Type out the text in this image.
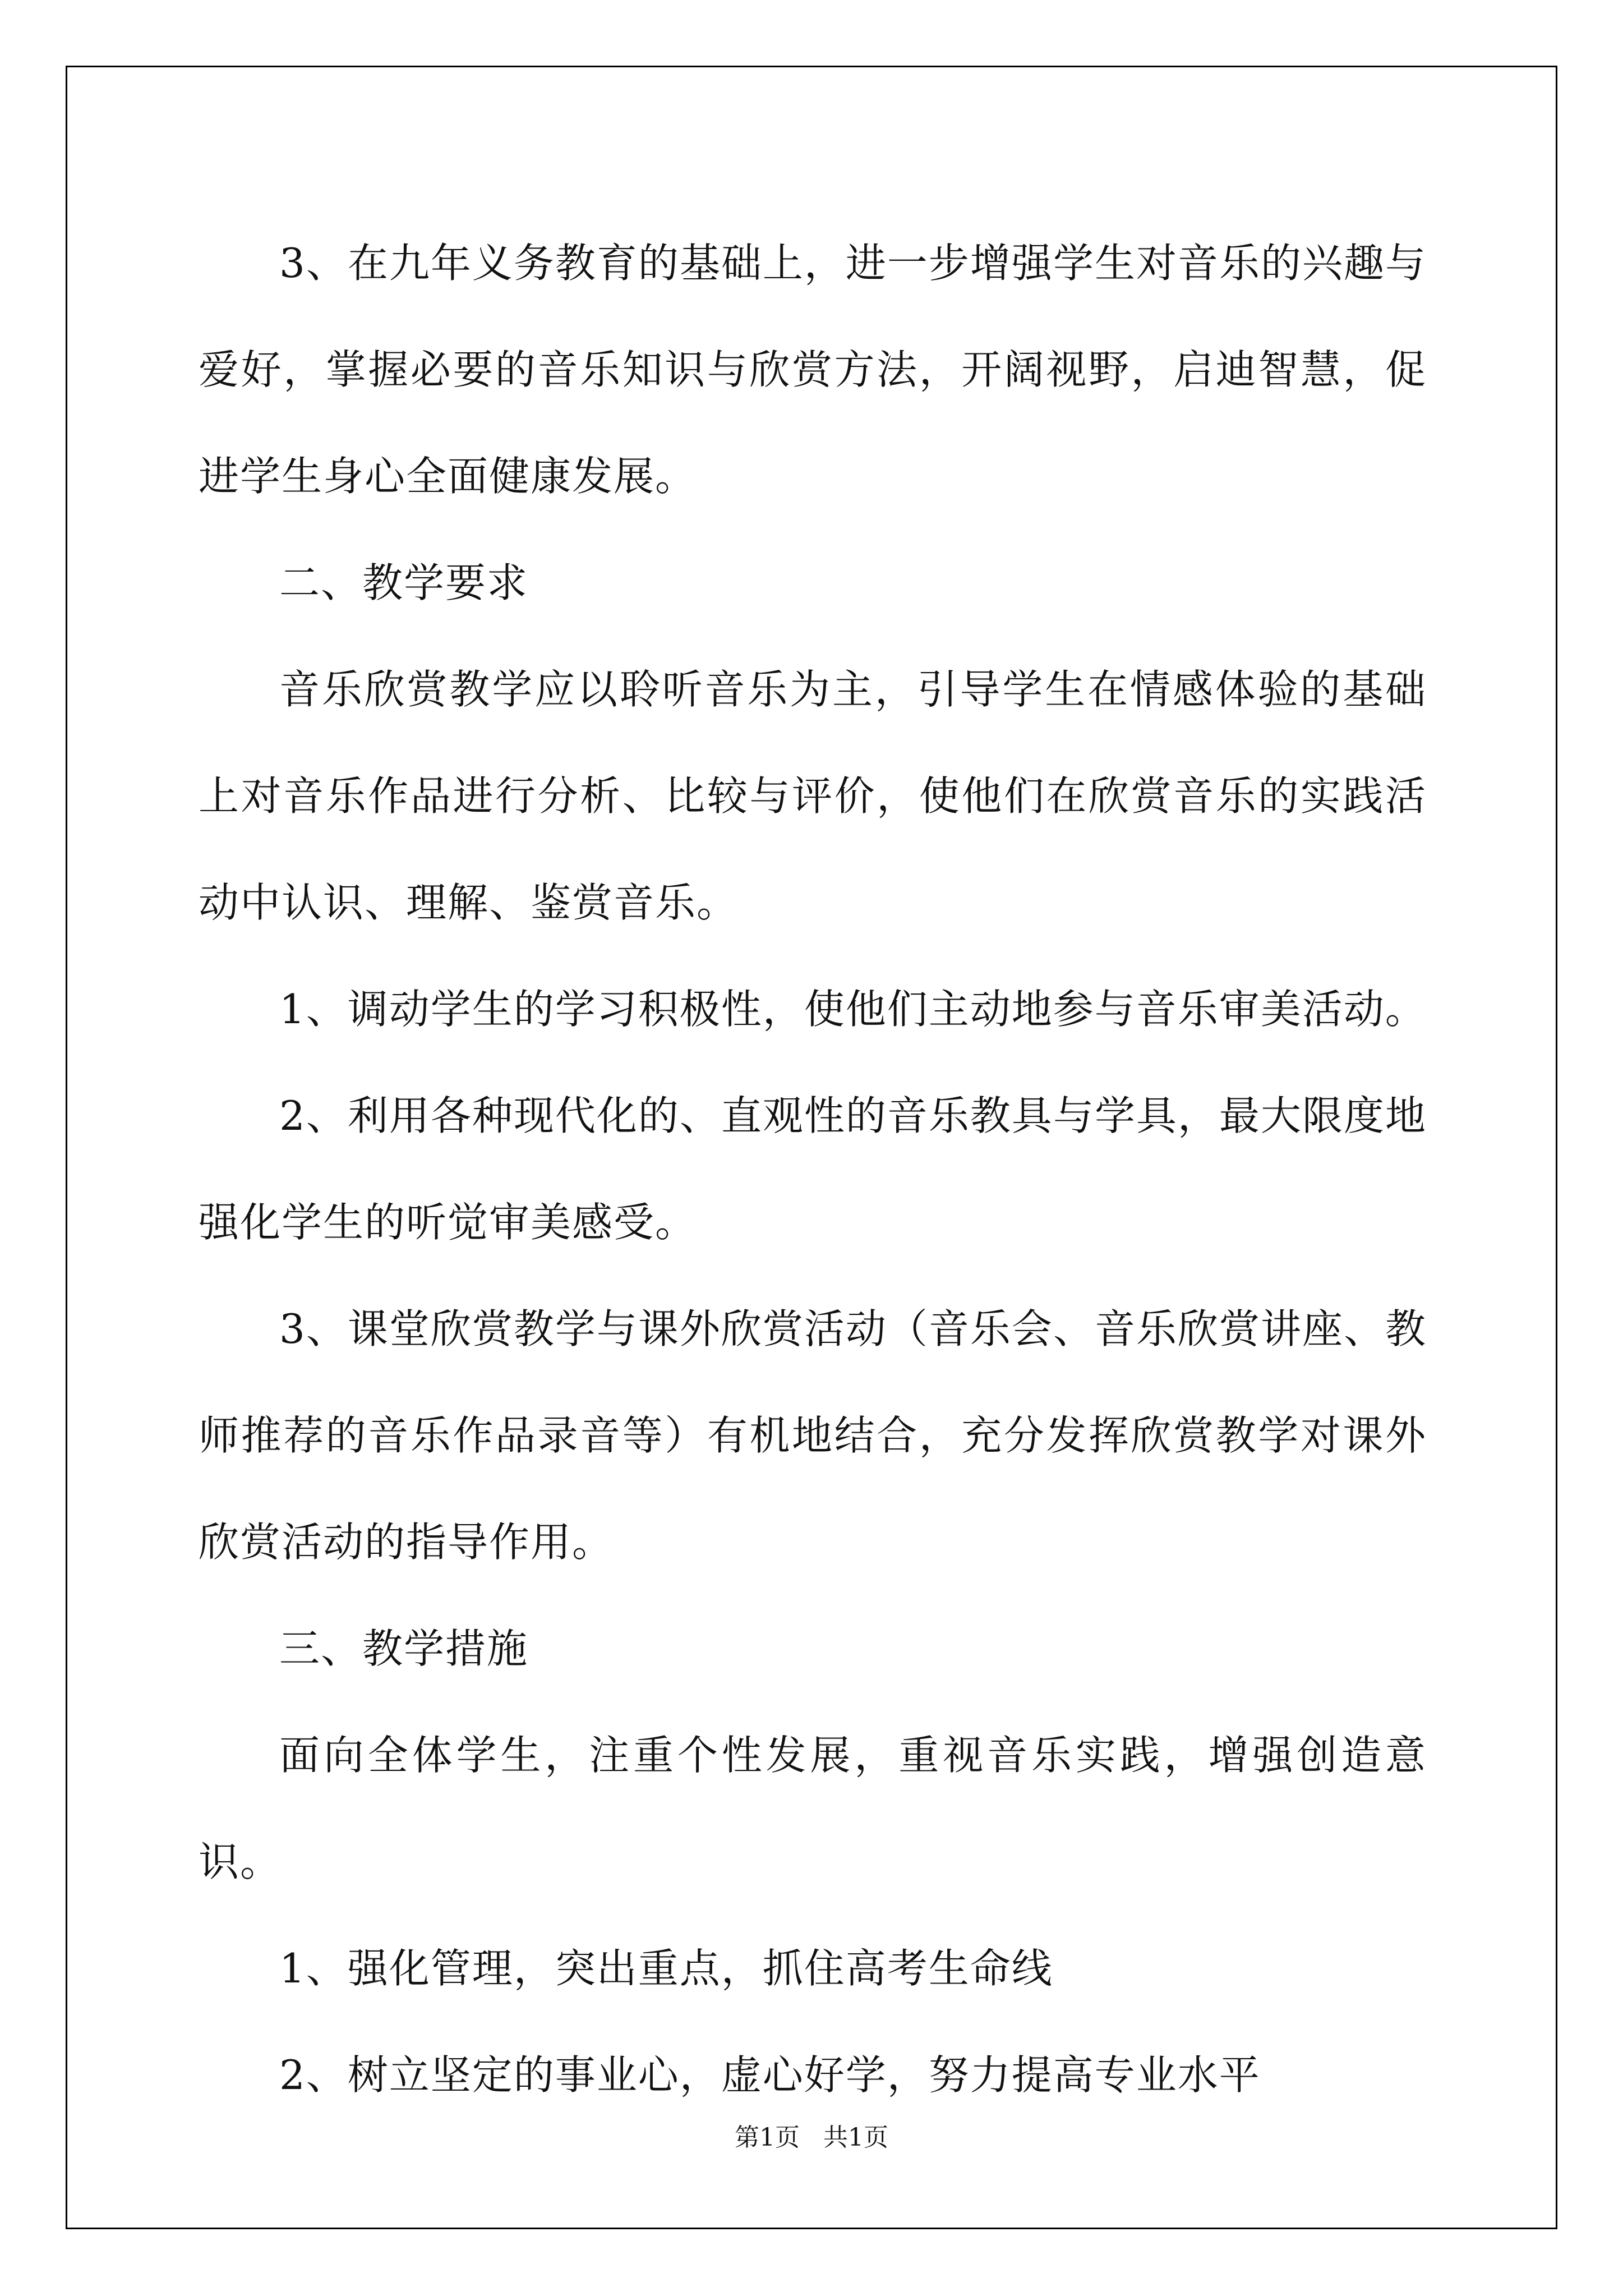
3、在九年义务教育的基础上，进一步增强学生对音乐的兴趣与爱好，掌握必要的音乐知识与欣赏方法，开阔视野，启迪智慧，促进学生身心全面健康发展。

二、教学要求

音乐欣赏教学应以聆听音乐为主，引导学生在情感体验的基础上对音乐作品进行分析、比较与评价，使他们在欣赏音乐的实践活动中认识、理解、鉴赏音乐。

1、调动学生的学习积极性，使他们主动地参与音乐审美活动。

2、利用各种现代化的、直观性的音乐教具与学具，最大限度地强化学生的听觉审美感受。

3、课堂欣赏教学与课外欣赏活动（音乐会、音乐欣赏讲座、教师推荐的音乐作品录音等）有机地结合，充分发挥欣赏教学对课外欣赏活动的指导作用。

三、教学措施

面向全体学生，注重个性发展，重视音乐实践，增强创造意识。

1、强化管理，突出重点，抓住高考生命线

2、树立坚定的事业心，虚心好学，努力提高专业水平

第1页 共1页
